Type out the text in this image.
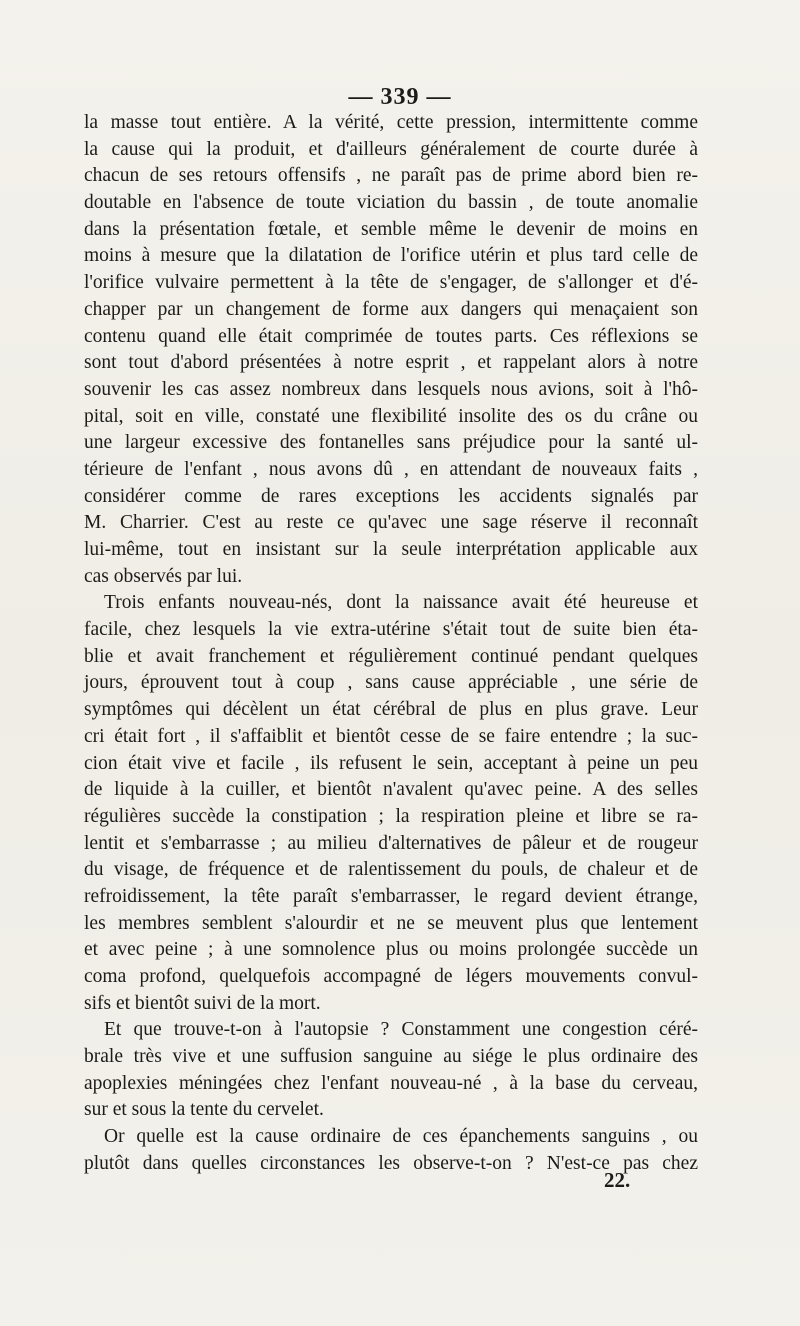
— 339 —
la masse tout entière. A la vérité, cette pression, intermittente comme
la cause qui la produit, et d'ailleurs généralement de courte durée à
chacun de ses retours offensifs , ne paraît pas de prime abord bien re-
doutable en l'absence de toute viciation du bassin , de toute anomalie
dans la présentation fœtale, et semble même le devenir de moins en
moins à mesure que la dilatation de l'orifice utérin et plus tard celle de
l'orifice vulvaire permettent à la tête de s'engager, de s'allonger et d'é-
chapper par un changement de forme aux dangers qui menaçaient son
contenu quand elle était comprimée de toutes parts. Ces réflexions se
sont tout d'abord présentées à notre esprit , et rappelant alors à notre
souvenir les cas assez nombreux dans lesquels nous avions, soit à l'hô-
pital, soit en ville, constaté une flexibilité insolite des os du crâne ou
une largeur excessive des fontanelles sans préjudice pour la santé ul-
térieure de l'enfant , nous avons dû , en attendant de nouveaux faits ,
considérer comme de rares exceptions les accidents signalés par
M. Charrier. C'est au reste ce qu'avec une sage réserve il reconnaît
lui-même, tout en insistant sur la seule interprétation applicable aux
cas observés par lui.
Trois enfants nouveau-nés, dont la naissance avait été heureuse et
facile, chez lesquels la vie extra-utérine s'était tout de suite bien éta-
blie et avait franchement et régulièrement continué pendant quelques
jours, éprouvent tout à coup , sans cause appréciable , une série de
symptômes qui décèlent un état cérébral de plus en plus grave. Leur
cri était fort , il s'affaiblit et bientôt cesse de se faire entendre ; la suc-
cion était vive et facile , ils refusent le sein, acceptant à peine un peu
de liquide à la cuiller, et bientôt n'avalent qu'avec peine. A des selles
régulières succède la constipation ; la respiration pleine et libre se ra-
lentit et s'embarrasse ; au milieu d'alternatives de pâleur et de rougeur
du visage, de fréquence et de ralentissement du pouls, de chaleur et de
refroidissement, la tête paraît s'embarrasser, le regard devient étrange,
les membres semblent s'alourdir et ne se meuvent plus que lentement
et avec peine ; à une somnolence plus ou moins prolongée succède un
coma profond, quelquefois accompagné de légers mouvements convul-
sifs et bientôt suivi de la mort.
Et que trouve-t-on à l'autopsie ? Constamment une congestion céré-
brale très vive et une suffusion sanguine au siége le plus ordinaire des
apoplexies méningées chez l'enfant nouveau-né , à la base du cerveau,
sur et sous la tente du cervelet.
Or quelle est la cause ordinaire de ces épanchements sanguins , ou
plutôt dans quelles circonstances les observe-t-on ? N'est-ce pas chez
22.
